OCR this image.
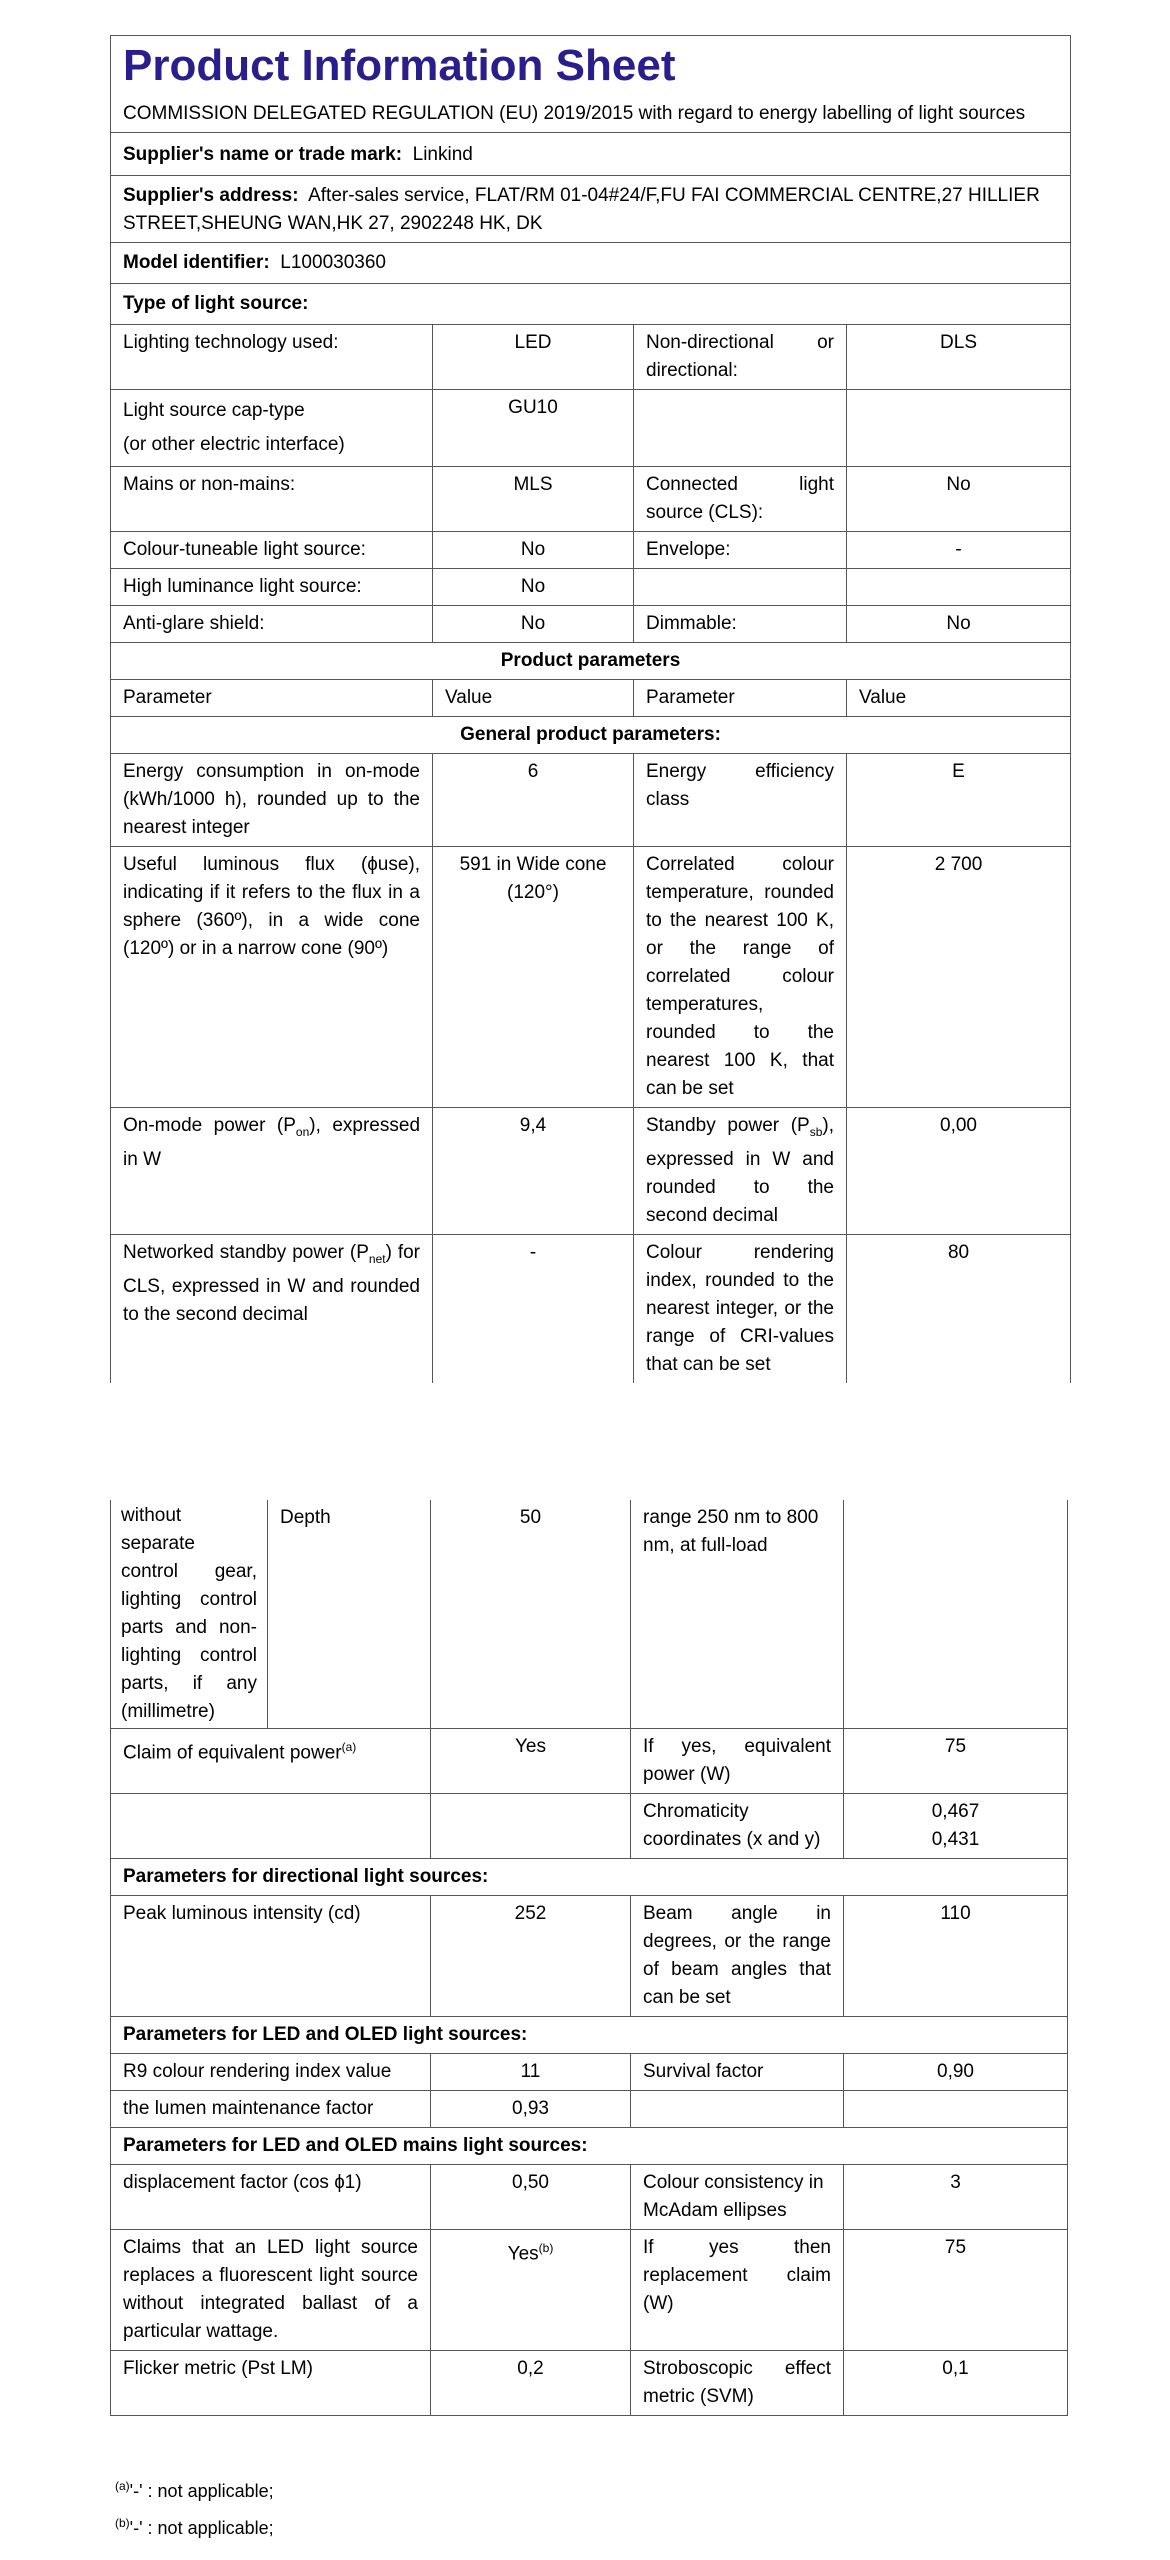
Product Information Sheet
COMMISSION DELEGATED REGULATION (EU) 2019/2015 with regard to energy labelling of light sources			

Supplier's name or trade mark: Linkind			
Supplier's address: After-sales service, FLAT/RM 01-04#24/F,FU FAI COMMERCIAL CENTRE,27 HILLIER STREET,SHEUNG WAN,HK 27, 2902248 HK, DK			
Model identifier: L100030360			
Type of light source:			
Lighting technology used:	LED	Non-directional or directional:	DLS

Light source cap-type
(or other electric interface)	GU10		
Mains or non-mains:	MLS	Connected light source (CLS):	No
Colour-tuneable light source:	No	Envelope:	-
High luminance light source:	No		
Anti-glare shield:	No	Dimmable:	No
Product parameters			
Parameter	Value	Parameter	Value
General product parameters:			
Energy consumption in on-mode (kWh/1000 h), rounded up to the nearest integer	6	Energy efficiency class	E
Useful luminous flux (ɸuse), indicating if it refers to the flux in a sphere (360º), in a wide cone (120º) or in a narrow cone (90º)	591 in Wide cone (120°)	Correlated colour temperature, rounded to the nearest 100 K, or the range of correlated colour temperatures, rounded to the nearest 100 K, that can be set	2 700
On-mode power $(P_{on})$, expressed in W	9,4	Standby power $(P_{sb})$, expressed in W and rounded to the second decimal	0,00
Networked standby power $(P_{net})$ for CLS, expressed in W and rounded to the second decimal	-	Colour rendering index, rounded to the nearest integer, or the range of CRI-values that can be set	80
without separate control gear, lighting control parts and non-lighting control parts, if any (millimetre)	Depth	50	range 250 nm to 800 nm, at full-load	
Claim of equivalent power$^{(a)}$		Yes	If yes, equivalent power (W)	75
			Chromaticity coordinates (x and y)	0,467
0,431

Parameters for directional light sources:				
Peak luminous intensity (cd)		252	Beam angle in degrees, or the range of beam angles that can be set	110
Parameters for LED and OLED light sources:				
R9 colour rendering index value		11	Survival factor	0,90
the lumen maintenance factor		0,93		
Parameters for LED and OLED mains light sources:				
displacement factor (cos ɸ1)		0,50	Colour consistency in McAdam ellipses	3
Claims that an LED light source replaces a fluorescent light source without integrated ballast of a particular wattage.		Yes$^{(b)}$	If yes then replacement claim (W)	75
Flicker metric (Pst LM)		0,2	Stroboscopic effect metric (SVM)	0,1
$^{(a)}$'-' : not applicable;
$^{(b)}$'-' : not applicable;
